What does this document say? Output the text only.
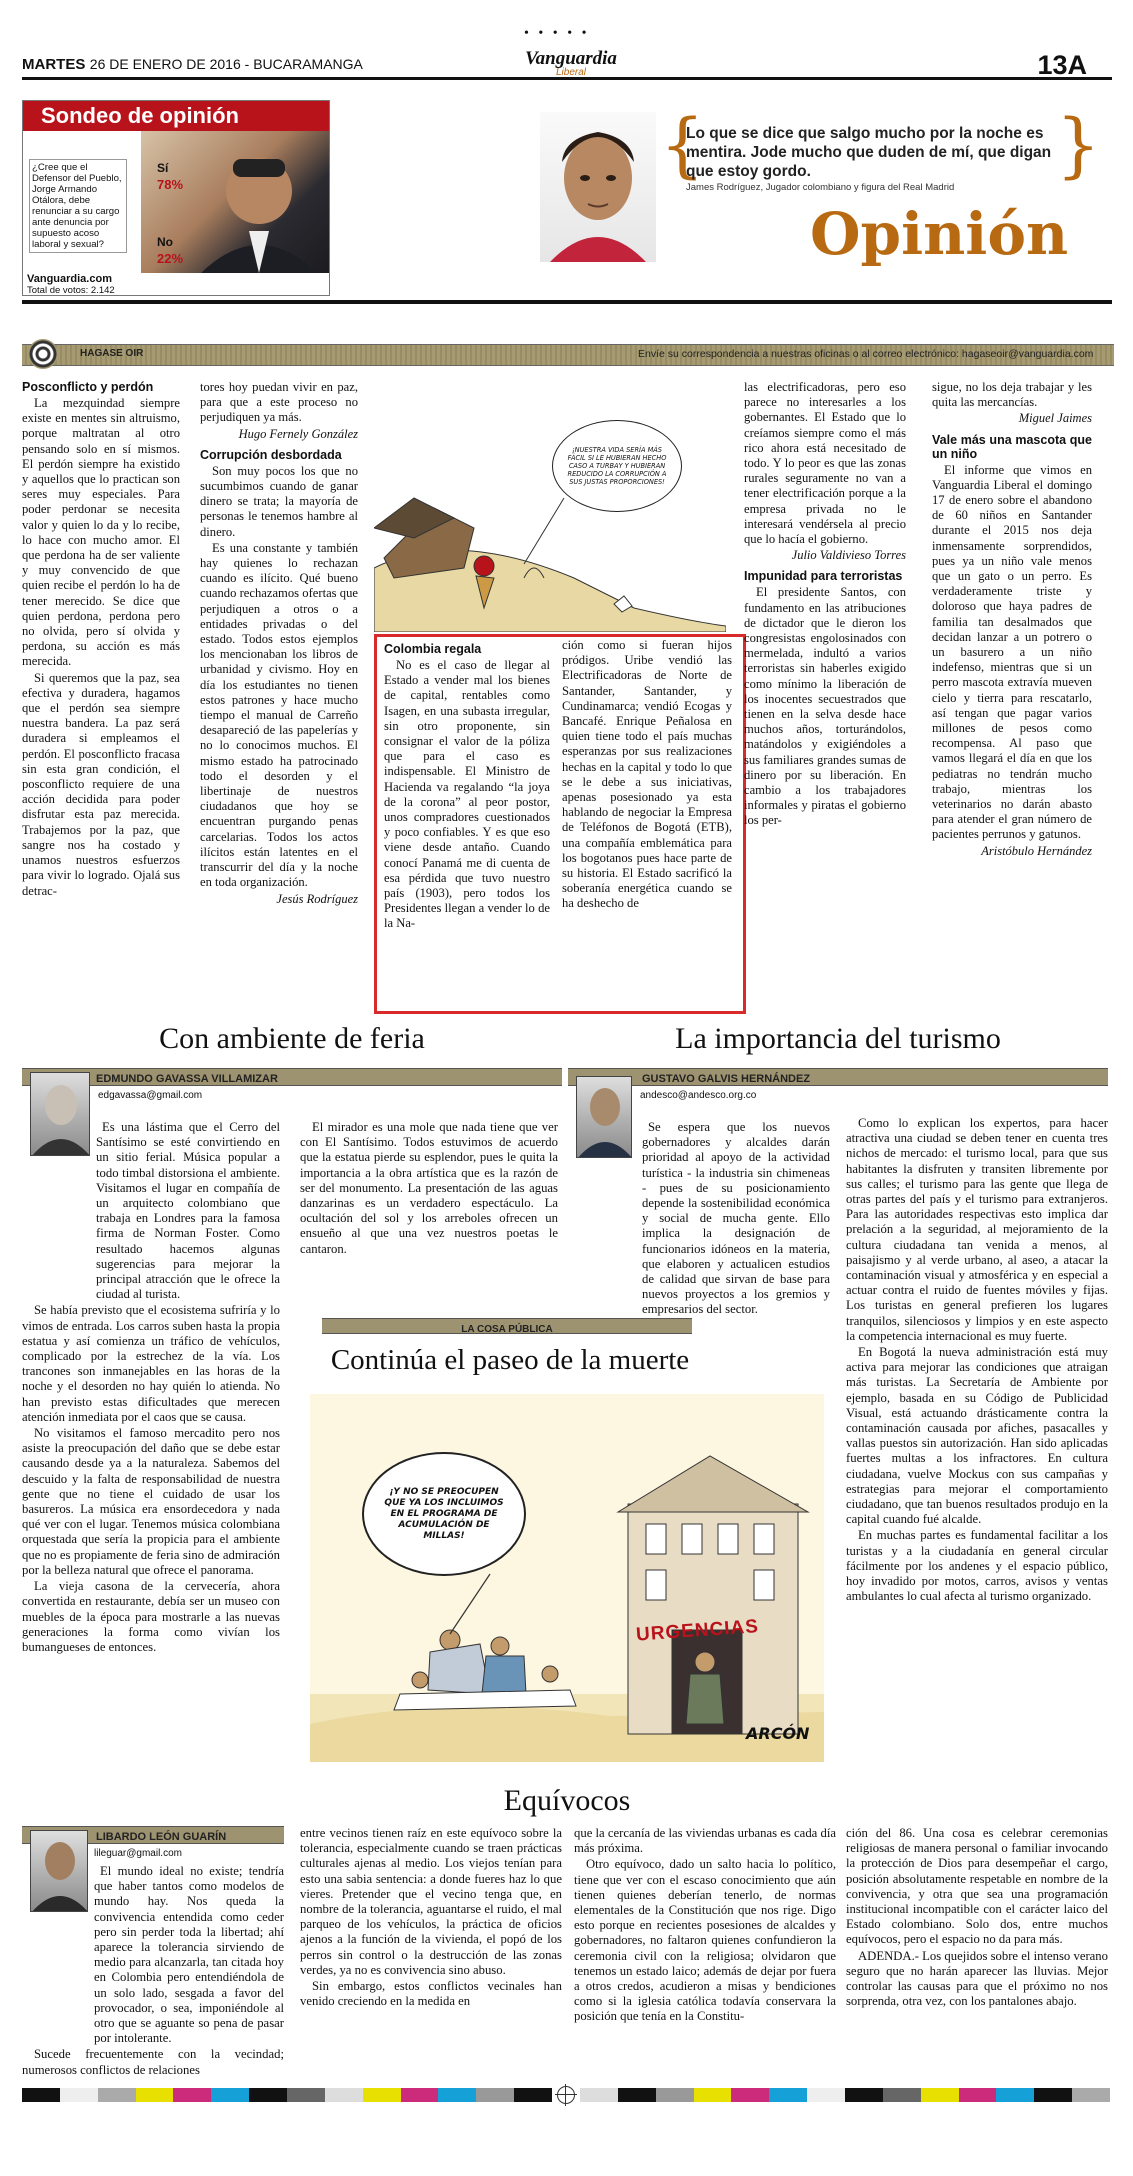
• • • • •
MARTES 26 DE ENERO DE 2016 - BUCARAMANGA	Vanguardia
Liberal	13A
Sondeo de opinión
¿Cree que el Defensor del Pueblo, Jorge Armando Otálora, debe renunciar a su cargo ante denuncia por supuesto acoso laboral y sexual?
Sí
78%
No
22%
Vanguardia.com
Total de votos: 2.142
{	}
Lo que se dice que salgo mucho por la noche es mentira. Jode mucho que duden de mí, que digan que estoy gordo.
James Rodríguez, Jugador colombiano y figura del Real Madrid
Opinión
HAGASE OIR	Envíe su correspondencia a nuestras oficinas o al correo electrónico: hagaseoir@vanguardia.com
Posconflicto y perdón

La mezquindad siempre existe en mentes sin altruismo, porque maltratan al otro pensando solo en sí mismos. El perdón siempre ha existido y aquellos que lo practican son seres muy especiales. Para poder perdonar se necesita valor y quien lo da y lo recibe, lo hace con mucho amor. El que perdona ha de ser valiente y muy convencido de que quien recibe el perdón lo ha de tener merecido. Se dice que quien perdona, perdona pero no olvida, pero sí olvida y perdona, su acción es más merecida.

Si queremos que la paz, sea efectiva y duradera, hagamos que el perdón sea siempre nuestra bandera. La paz será duradera si empleamos el perdón. El posconflicto fracasa sin esta gran condición, el posconflicto requiere de una acción decidida para poder disfrutar esta paz merecida. Trabajemos por la paz, que sangre nos ha costado y unamos nuestros esfuerzos para vivir lo logrado. Ojalá sus detrac-

tores hoy puedan vivir en paz, para que a este proceso no perjudiquen ya más.

Hugo Fernely González
Corrupción desbordada

Son muy pocos los que no sucumbimos cuando de ganar dinero se trata; la mayoría de personas le tenemos hambre al dinero.

Es una constante y también hay quienes lo rechazan cuando es ilícito. Qué bueno cuando rechazamos ofertas que perjudiquen a otros o a entidades privadas o del estado. Todos estos ejemplos los mencionaban los libros de urbanidad y civismo. Hoy en día los estudiantes no tienen estos patrones y hace mucho tiempo el manual de Carreño desapareció de las papelerías y no lo conocimos muchos. El mismo estado ha patrocinado todo el desorden y el libertinaje de nuestros ciudadanos que hoy se encuentran purgando penas carcelarias. Todos los actos ilícitos están latentes en el transcurrir del día y la noche en toda organización.

Jesús Rodríguez
¡NUESTRA VIDA SERÍA MÁS FÁCIL SI LE HUBIERAN HECHO CASO A TURBAY Y HUBIERAN REDUCIDO LA CORRUPCIÓN A SUS JUSTAS PROPORCIONES!
Colombia regala

No es el caso de llegar al Estado a vender mal los bienes de capital, rentables como Isagen, en una subasta irregular, sin otro proponente, sin consignar el valor de la póliza que para el caso es indispensable. El Ministro de Hacienda va regalando “la joya de la corona” al peor postor, unos compradores cuestionados y poco confiables. Y es que eso viene desde antaño. Cuando conocí Panamá me di cuenta de esa pérdida que tuvo nuestro país (1903), pero todos los Presidentes llegan a vender lo de la Na-

ción como si fueran hijos pródigos. Uribe vendió las Electrificadoras de Norte de Santander, Santander, y Cundinamarca; vendió Ecogas y Bancafé. Enrique Peñalosa en quien tiene todo el país muchas esperanzas por sus realizaciones hechas en la capital y todo lo que se le debe a sus iniciativas, apenas posesionado ya esta hablando de negociar la Empresa de Teléfonos de Bogotá (ETB), una compañía emblemática para los bogotanos pues hace parte de su historia. El Estado sacrificó la soberanía energética cuando se ha deshecho de

las electrificadoras, pero eso parece no interesarles a los gobernantes. El Estado que lo creíamos siempre como el más rico ahora está necesitado de todo. Y lo peor es que las zonas rurales seguramente no van a tener electrificación porque a la empresa privada no le interesará vendérsela al precio que lo hacía el gobierno.

Julio Valdivieso Torres
Impunidad para terroristas

El presidente Santos, con fundamento en las atribuciones de dictador que le dieron los congresistas engolosinados con mermelada, indultó a varios terroristas sin haberles exigido como mínimo la liberación de los inocentes secuestrados que tienen en la selva desde hace muchos años, torturándolos, matándolos y exigiéndoles a sus familiares grandes sumas de dinero por su liberación. En cambio a los trabajadores informales y piratas el gobierno los per-

sigue, no los deja trabajar y les quita las mercancías.

Miguel Jaimes
Vale más una mascota que un niño

El informe que vimos en Vanguardia Liberal el domingo 17 de enero sobre el abandono de 60 niños en Santander durante el 2015 nos deja inmensamente sorprendidos, pues ya un niño vale menos que un gato o un perro. Es verdaderamente triste y doloroso que haya padres de familia tan desalmados que decidan lanzar a un potrero o un basurero a un niño indefenso, mientras que si un perro mascota extravía mueven cielo y tierra para rescatarlo, así tengan que pagar varios millones de pesos como recompensa. Al paso que vamos llegará el día en que los pediatras no tendrán mucho trabajo, mientras los veterinarios no darán abasto para atender el gran número de pacientes perrunos y gatunos.

Aristóbulo Hernández
Con ambiente de feria
EDMUNDO GAVASSA VILLAMIZAR
edgavassa@gmail.com

Es una lástima que el Cerro del Santísimo se esté convirtiendo en un sitio ferial. Música popular a todo timbal distorsiona el ambiente. Visitamos el lugar en compañía de un arquitecto colombiano que trabaja en Londres para la famosa firma de Norman Foster. Como resultado hacemos algunas sugerencias para mejorar la principal atracción que le ofrece la ciudad al turista.

Se había previsto que el ecosistema sufriría y lo vimos de entrada. Los carros suben hasta la propia estatua y así comienza un tráfico de vehículos, complicado por la estrechez de la vía. Los trancones son inmanejables en las horas de la noche y el desorden no hay quién lo atienda. No han previsto estas dificultades que merecen atención inmediata por el caos que se causa.

No visitamos el famoso mercadito pero nos asiste la preocupación del daño que se debe estar causando desde ya a la naturaleza. Sabemos del descuido y la falta de responsabilidad de nuestra gente que no tiene el cuidado de usar los basureros. La música era ensordecedora y nada qué ver con el lugar. Tenemos música colombiana orquestada que sería la propicia para el ambiente que no es propiamente de feria sino de admiración por la belleza natural que ofrece el panorama.

La vieja casona de la cervecería, ahora convertida en restaurante, debía ser un museo con muebles de la época para mostrarle a las nuevas generaciones la forma como vivían los bumangueses de entonces.

El mirador es una mole que nada tiene que ver con El Santísimo. Todos estuvimos de acuerdo que la estatua pierde su esplendor, pues le quita la importancia a la obra artística que es la razón de ser del monumento. La presentación de las aguas danzarinas es un verdadero espectáculo. La ocultación del sol y los arreboles ofrecen un ensueño al que una vez nuestros poetas le cantaron.

La importancia del turismo
GUSTAVO GALVIS HERNÁNDEZ
andesco@andesco.org.co

Se espera que los nuevos gobernadores y alcaldes darán prioridad al apoyo de la actividad turística - la industria sin chimeneas - pues de su posicionamiento depende la sostenibilidad económica y social de mucha gente. Ello implica la designación de funcionarios idóneos en la materia, que elaboren y actualicen estudios de calidad que sirvan de base para nuevos proyectos a los gremios y empresarios del sector.

Como lo explican los expertos, para hacer atractiva una ciudad se deben tener en cuenta tres nichos de mercado: el turismo local, para que sus habitantes la disfruten y transiten libremente por sus calles; el turismo para las gente que llega de otras partes del país y el turismo para extranjeros. Para las autoridades respectivas esto implica dar prelación a la seguridad, al mejoramiento de la cultura ciudadana tan venida a menos, al paisajismo y al verde urbano, al aseo, a atacar la contaminación visual y atmosférica y en especial a actuar contra el ruido de fuentes móviles y fijas. Los turistas en general prefieren los lugares tranquilos, silenciosos y limpios y en este aspecto la competencia internacional es muy fuerte.

En Bogotá la nueva administración está muy activa para mejorar las condiciones que atraigan más turistas. La Secretaría de Ambiente por ejemplo, basada en su Código de Publicidad Visual, está actuando drásticamente contra la contaminación causada por afiches, pasacalles y vallas puestos sin autorización. Han sido aplicadas fuertes multas a los infractores. En cultura ciudadana, vuelve Mockus con sus campañas y estrategias para mejorar el comportamiento ciudadano, que tan buenos resultados produjo en la capital cuando fué alcalde.

En muchas partes es fundamental facilitar a los turistas y a la ciudadanía en general circular fácilmente por los andenes y el espacio público, hoy invadido por motos, carros, avisos y ventas ambulantes lo cual afecta al turismo organizado.

LA COSA PÚBLICA
Continúa el paseo de la muerte
¡Y NO SE PREOCUPEN QUE YA LOS INCLUIMOS EN EL PROGRAMA DE ACUMULACIÓN DE MILLAS!
URGENCIAS
ARCÓN
Equívocos
LIBARDO LEÓN GUARÍN
lileguar@gmail.com

El mundo ideal no existe; tendría que haber tantos como modelos de mundo hay. Nos queda la convivencia entendida como ceder pero sin perder toda la libertad; ahí aparece la tolerancia sirviendo de medio para alcanzarla, tan citada hoy en Colombia pero entendiéndola de un solo lado, sesgada a favor del provocador, o sea, imponiéndole al otro que se aguante so pena de pasar por intolerante.

Sucede frecuentemente con la vecindad; numerosos conflictos de relaciones

entre vecinos tienen raíz en este equívoco sobre la tolerancia, especialmente cuando se traen prácticas culturales ajenas al medio. Los viejos tenían para esto una sabia sentencia: a donde fueres haz lo que vieres. Pretender que el vecino tenga que, en nombre de la tolerancia, aguantarse el ruido, el mal parqueo de los vehículos, la práctica de oficios ajenos a la función de la vivienda, el popó de los perros sin control o la destrucción de las zonas verdes, ya no es convivencia sino abuso.

Sin embargo, estos conflictos vecinales han venido creciendo en la medida en

que la cercanía de las viviendas urbanas es cada día más próxima.

Otro equívoco, dado un salto hacia lo político, tiene que ver con el escaso conocimiento que aún tienen quienes deberían tenerlo, de normas elementales de la Constitución que nos rige. Digo esto porque en recientes posesiones de alcaldes y gobernadores, no faltaron quienes confundieron la ceremonia civil con la religiosa; olvidaron que tenemos un estado laico; además de dejar por fuera a otros credos, acudieron a misas y bendiciones como si la iglesia católica todavía conservara la posición que tenía en la Constitu-

ción del 86. Una cosa es celebrar ceremonias religiosas de manera personal o familiar invocando la protección de Dios para desempeñar el cargo, posición absolutamente respetable en nombre de la convivencia, y otra que sea una programación institucional incompatible con el carácter laico del Estado colombiano. Solo dos, entre muchos equívocos, pero el espacio no da para más.

ADENDA.- Los quejidos sobre el intenso verano seguro que no harán aparecer las lluvias. Mejor controlar las causas para que el próximo no nos sorprenda, otra vez, con los pantalones abajo.
